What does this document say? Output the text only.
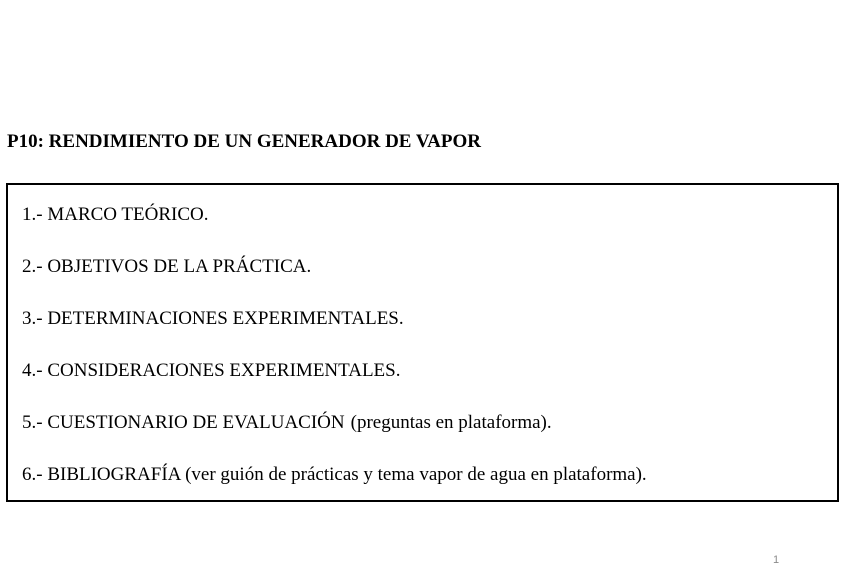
P10: RENDIMIENTO DE UN GENERADOR DE VAPOR
1.- MARCO TEÓRICO.
2.- OBJETIVOS DE LA PRÁCTICA.
3.- DETERMINACIONES EXPERIMENTALES.
4.- CONSIDERACIONES EXPERIMENTALES.
5.- CUESTIONARIO DE EVALUACIÓN (preguntas en plataforma).
6.- BIBLIOGRAFÍA (ver guión de prácticas y tema vapor de agua en plataforma).
1
